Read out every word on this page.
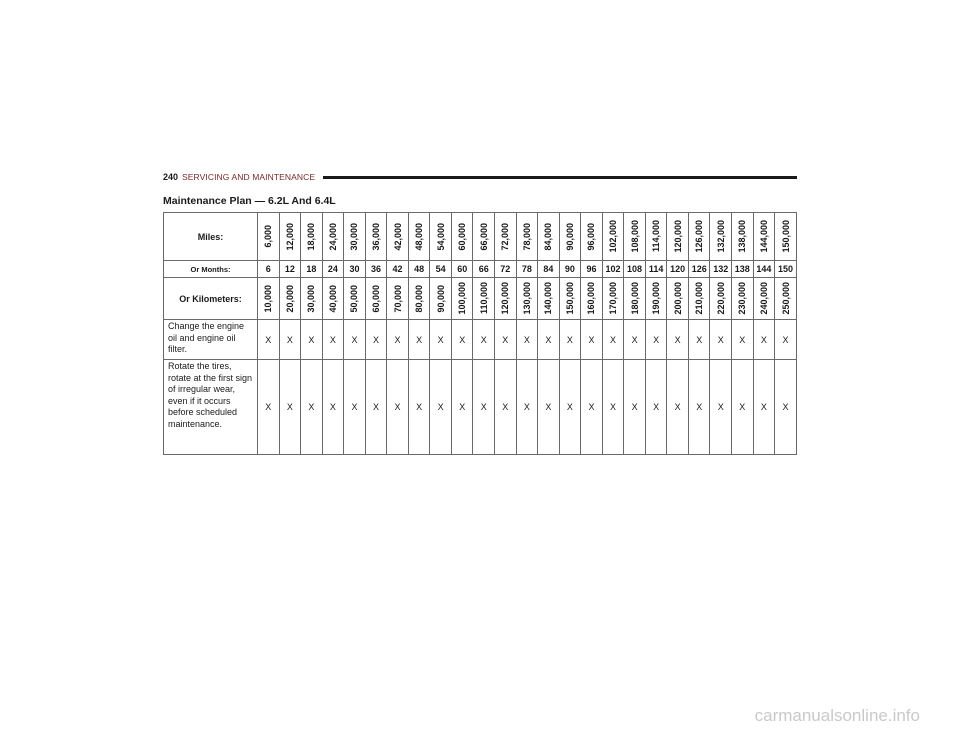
240 SERVICING AND MAINTENANCE
Maintenance Plan — 6.2L And 6.4L
Miles:	6,000	12,000	18,000	24,000	30,000	36,000	42,000	48,000	54,000	60,000	66,000	72,000	78,000	84,000	90,000	96,000	102,000	108,000	114,000	120,000	126,000	132,000	138,000	144,000	150,000

Or Months:	6	12	18	24	30	36	42	48	54	60	66	72	78	84	90	96	102	108	114	120	126	132	138	144	150
Or Kilometers:	10,000	20,000	30,000	40,000	50,000	60,000	70,000	80,000	90,000	100,000	110,000	120,000	130,000	140,000	150,000	160,000	170,000	180,000	190,000	200,000	210,000	220,000	230,000	240,000	250,000

Change the engine oil and engine oil filter.	X	X	X	X	X	X	X	X	X	X	X	X	X	X	X	X	X	X	X	X	X	X	X	X	X
Rotate the tires, rotate at the first sign of irregular wear, even if it occurs before scheduled maintenance.	X	X	X	X	X	X	X	X	X	X	X	X	X	X	X	X	X	X	X	X	X	X	X	X	X
carmanualsonline.info
